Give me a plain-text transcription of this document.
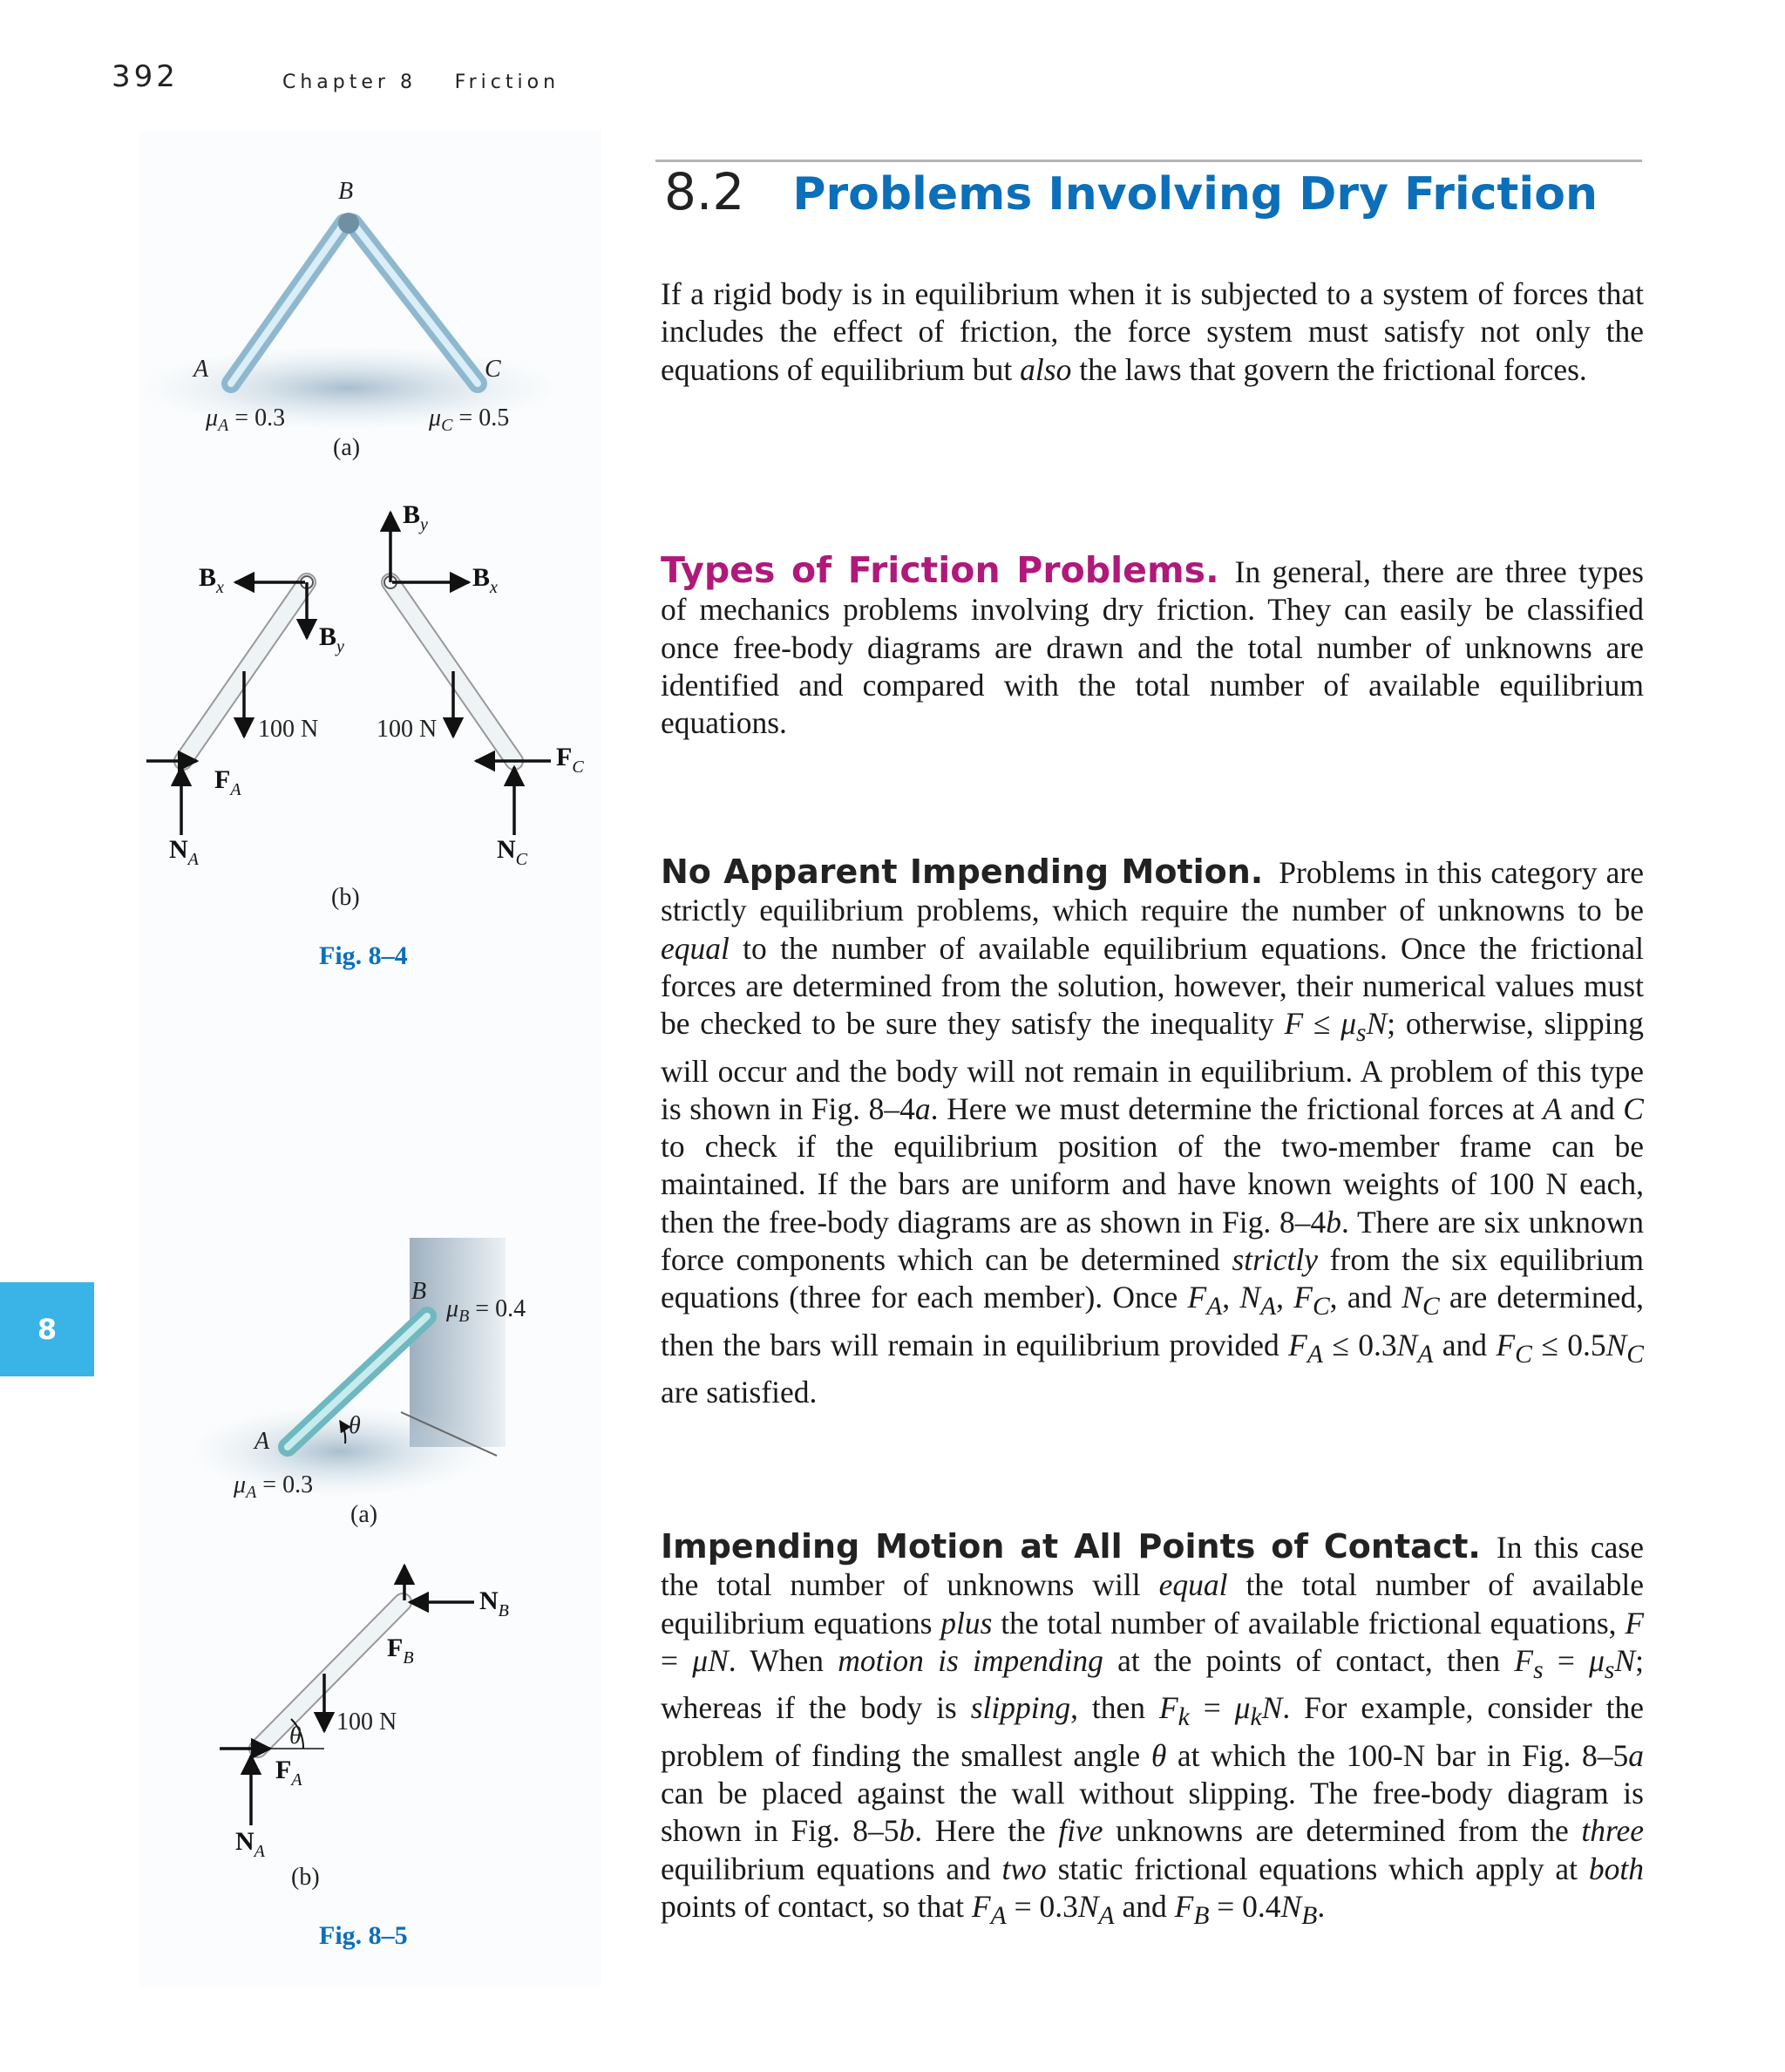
392	Chapter 8 Friction
8
8.2 Problems Involving Dry Friction

If a rigid body is in equilibrium when it is subjected to a system of forces that includes the effect of friction, the force system must satisfy not only the equations of equilibrium but also the laws that govern the frictional forces.

Types of Friction Problems. In general, there are three types of mechanics problems involving dry friction. They can easily be classified once free-body diagrams are drawn and the total number of unknowns are identified and compared with the total number of available equilibrium equations.

No Apparent Impending Motion. Problems in this category are strictly equilibrium problems, which require the number of unknowns to be equal to the number of available equilibrium equations. Once the frictional forces are determined from the solution, however, their numerical values must be checked to be sure they satisfy the inequality $F \le \mu_sN$; otherwise, slipping will occur and the body will not remain in equilibrium. A problem of this type is shown in Fig. 8–4a. Here we must determine the frictional forces at A and C to check if the equilibrium position of the two-member frame can be maintained. If the bars are uniform and have known weights of 100 N each, then the free-body diagrams are as shown in Fig. 8–4b. There are six unknown force components which can be determined strictly from the six equilibrium equations (three for each member). Once $F_A$, $N_A$, $F_C$, and $N_C$ are determined, then the bars will remain in equilibrium provided $F_A \le 0.3N_A$ and $F_C \le 0.5N_C$ are satisfied.

Impending Motion at All Points of Contact. In this case the total number of unknowns will equal the total number of available equilibrium equations plus the total number of available frictional equations, F = μN. When motion is impending at the points of contact, then $F_s = \mu_sN$; whereas if the body is slipping, then $F_k = \mu_kN$. For example, consider the problem of finding the smallest angle θ at which the 100-N bar in Fig. 8–5a can be placed against the wall without slipping. The free-body diagram is shown in Fig. 8–5b. Here the five unknowns are determined from the three equilibrium equations and two static frictional equations which apply at both points of contact, so that $F_A = 0.3N_A$ and $F_B = 0.4N_B$.

B
A	C
$\mu_A = 0.3$	$\mu_C = 0.5$
(a)
$B_x$
$B_y$
100 N
$F_A$
$N_A$
$B_y$
$B_x$
100 N
$F_C$
$N_C$
(b)
Fig. 8–4
B
$\mu_B = 0.4$
A
θ
$\mu_A = 0.3$
(a)
$F_B$
$N_B$
100 N
θ
$F_A$
$N_A$
(b)
Fig. 8–5
